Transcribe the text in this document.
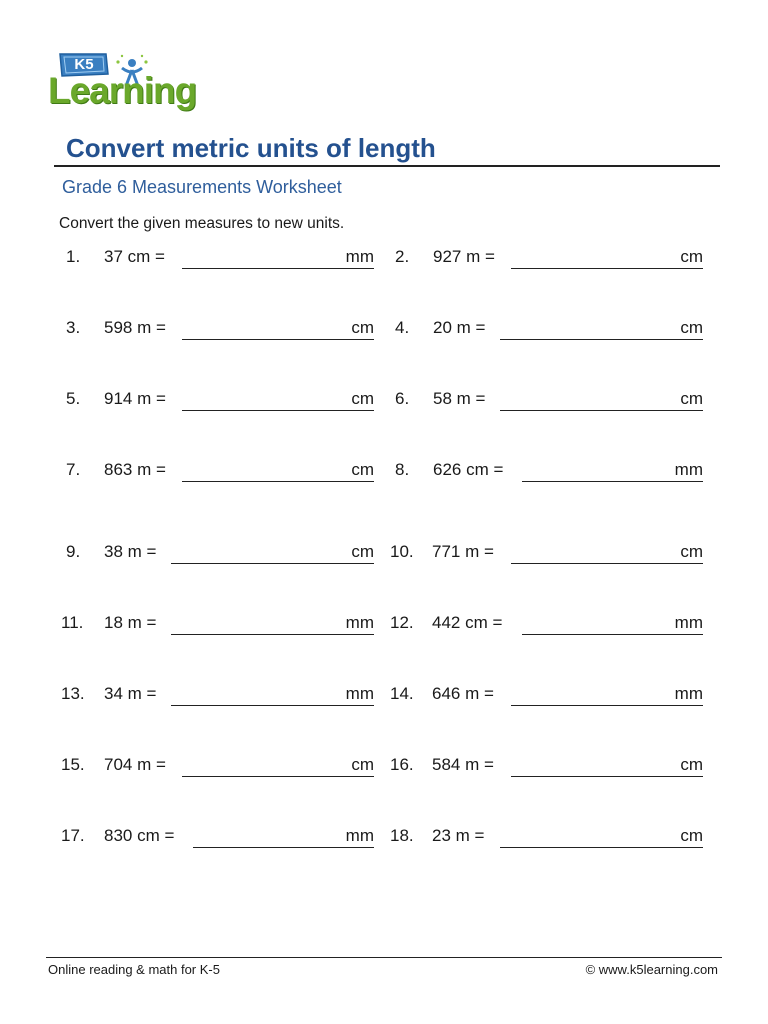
K5
Learning
Convert metric units of length
Grade 6 Measurements Worksheet
Convert the given measures to new units.
1. 37 cm =	mm 2. 927 m =	cm
3. 598 m =	cm 4. 20 m =	cm
5. 914 m =	cm 6. 58 m =	cm
7. 863 m =	cm 8. 626 cm =	mm
9. 38 m =	cm 10. 771 m =	cm
11. 18 m =	mm 12. 442 cm =	mm
13. 34 m =	mm 14. 646 m =	mm
15. 704 m =	cm 16. 584 m =	cm
17. 830 cm =	mm 18. 23 m =	cm
Online reading & math for K-5	© www.k5learning.com
